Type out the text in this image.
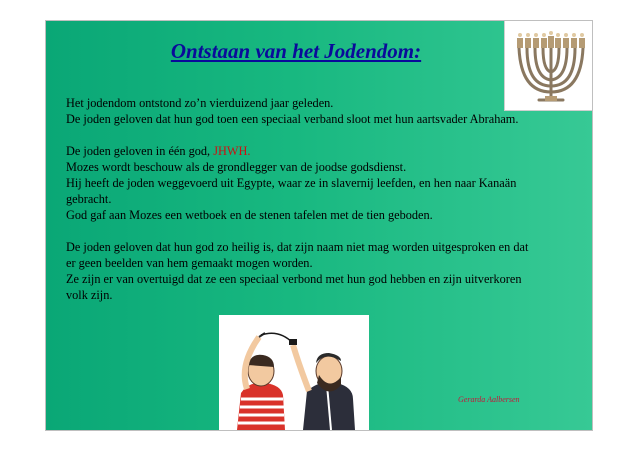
Ontstaan van het Jodendom:

Het jodendom ontstond zo’n vierduizend jaar geleden.

De joden geloven dat hun god toen een speciaal verband sloot met hun aartsvader Abraham.

De joden geloven in één god, JHWH.

Mozes wordt beschouw als de grondlegger van de joodse godsdienst.

Hij heeft de joden weggevoerd uit Egypte, waar ze in slavernij leefden, en hen naar Kanaän gebracht.

God gaf aan Mozes een wetboek en de stenen tafelen met de tien geboden.

De joden geloven dat hun god zo heilig is, dat zijn naam niet mag worden uitgesproken en dat er geen beelden van hem gemaakt mogen worden.

Ze zijn er van overtuigd dat ze een speciaal verbond met hun god hebben en zijn uitverkoren volk zijn.

Gerarda Aalbersen
